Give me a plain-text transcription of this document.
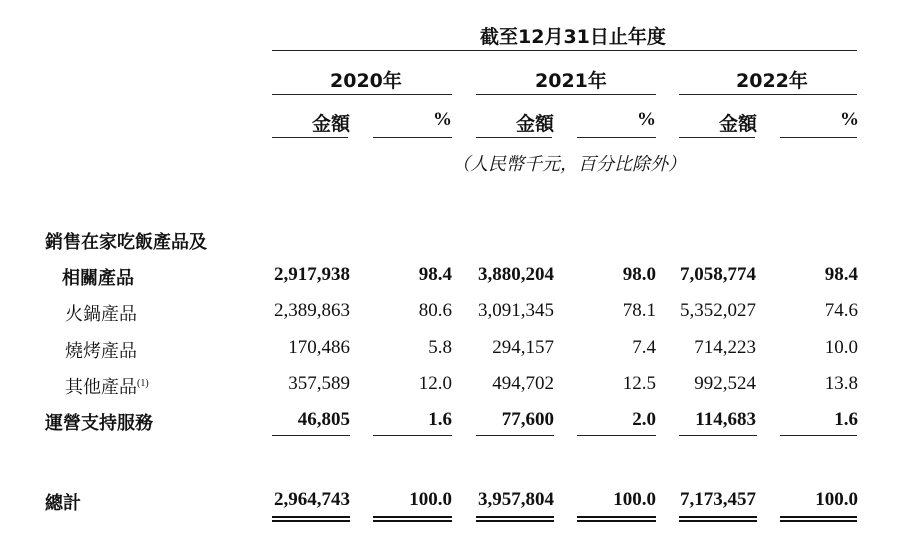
截至12月31日止年度
2020年	2021年	2022年
金額	%	金額	%	金額	%
（人民幣千元，百分比除外）
銷售在家吃飯產品及
相關產品	2,917,938	98.4 3,880,204	98.0 7,058,774	98.4
火鍋產品	2,389,863	80.6 3,091,345	78.1 5,352,027	74.6
燒烤產品	170,486	5.8 294,157	7.4 714,223	10.0
其他產品$^{(1)}$	357,589	12.0 494,702	12.5 992,524	13.8
運營支持服務	46,805	1.6	77,600	2.0 114,683	1.6
總計	2,964,743	100.0 3,957,804	100.0 7,173,457	100.0
